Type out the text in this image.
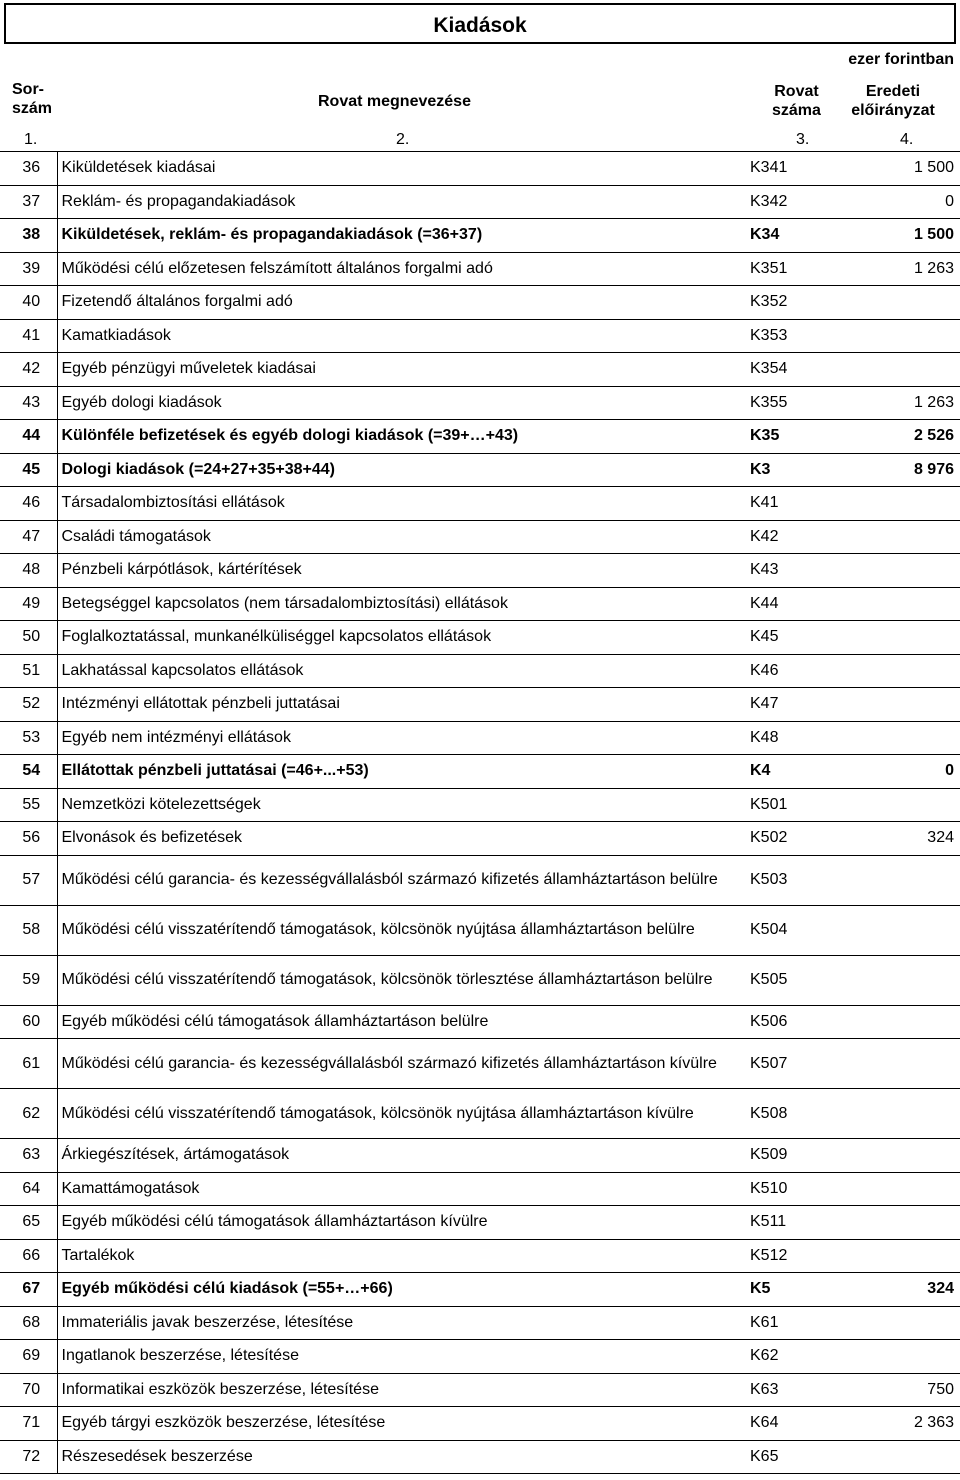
Kiadások
ezer forintban
Sor-
szám	Rovat megnevezése
Rovat
száma
Eredeti
előirányzat
1.	2.	3.	4.
36	Kiküldetések kiadásai	K341	1 500
37	Reklám- és propagandakiadások	K342	0
38	Kiküldetések, reklám- és propagandakiadások (=36+37)	K34	1 500
39	Működési célú előzetesen felszámított általános forgalmi adó	K351	1 263
40	Fizetendő általános forgalmi adó	K352	
41	Kamatkiadások	K353	
42	Egyéb pénzügyi műveletek kiadásai	K354	
43	Egyéb dologi kiadások	K355	1 263
44	Különféle befizetések és egyéb dologi kiadások (=39+…+43)	K35	2 526
45	Dologi kiadások (=24+27+35+38+44)	K3	8 976
46	Társadalombiztosítási ellátások	K41	
47	Családi támogatások	K42	
48	Pénzbeli kárpótlások, kártérítések	K43	
49	Betegséggel kapcsolatos (nem társadalombiztosítási) ellátások	K44	
50	Foglalkoztatással, munkanélküliséggel kapcsolatos ellátások	K45	
51	Lakhatással kapcsolatos ellátások	K46	
52	Intézményi ellátottak pénzbeli juttatásai	K47	
53	Egyéb nem intézményi ellátások	K48	
54	Ellátottak pénzbeli juttatásai (=46+...+53)	K4	0
55	Nemzetközi kötelezettségek	K501	
56	Elvonások és befizetések	K502	324
57	Működési célú garancia- és kezességvállalásból származó kifizetés államháztartáson belülre	K503	
58	Működési célú visszatérítendő támogatások, kölcsönök nyújtása államháztartáson belülre	K504	
59	Működési célú visszatérítendő támogatások, kölcsönök törlesztése államháztartáson belülre	K505	
60	Egyéb működési célú támogatások államháztartáson belülre	K506	
61	Működési célú garancia- és kezességvállalásból származó kifizetés államháztartáson kívülre	K507	
62	Működési célú visszatérítendő támogatások, kölcsönök nyújtása államháztartáson kívülre	K508	
63	Árkiegészítések, ártámogatások	K509	
64	Kamattámogatások	K510	
65	Egyéb működési célú támogatások államháztartáson kívülre	K511	
66	Tartalékok	K512	
67	Egyéb működési célú kiadások (=55+…+66)	K5	324
68	Immateriális javak beszerzése, létesítése	K61	
69	Ingatlanok beszerzése, létesítése	K62	
70	Informatikai eszközök beszerzése, létesítése	K63	750
71	Egyéb tárgyi eszközök beszerzése, létesítése	K64	2 363
72	Részesedések beszerzése	K65	
